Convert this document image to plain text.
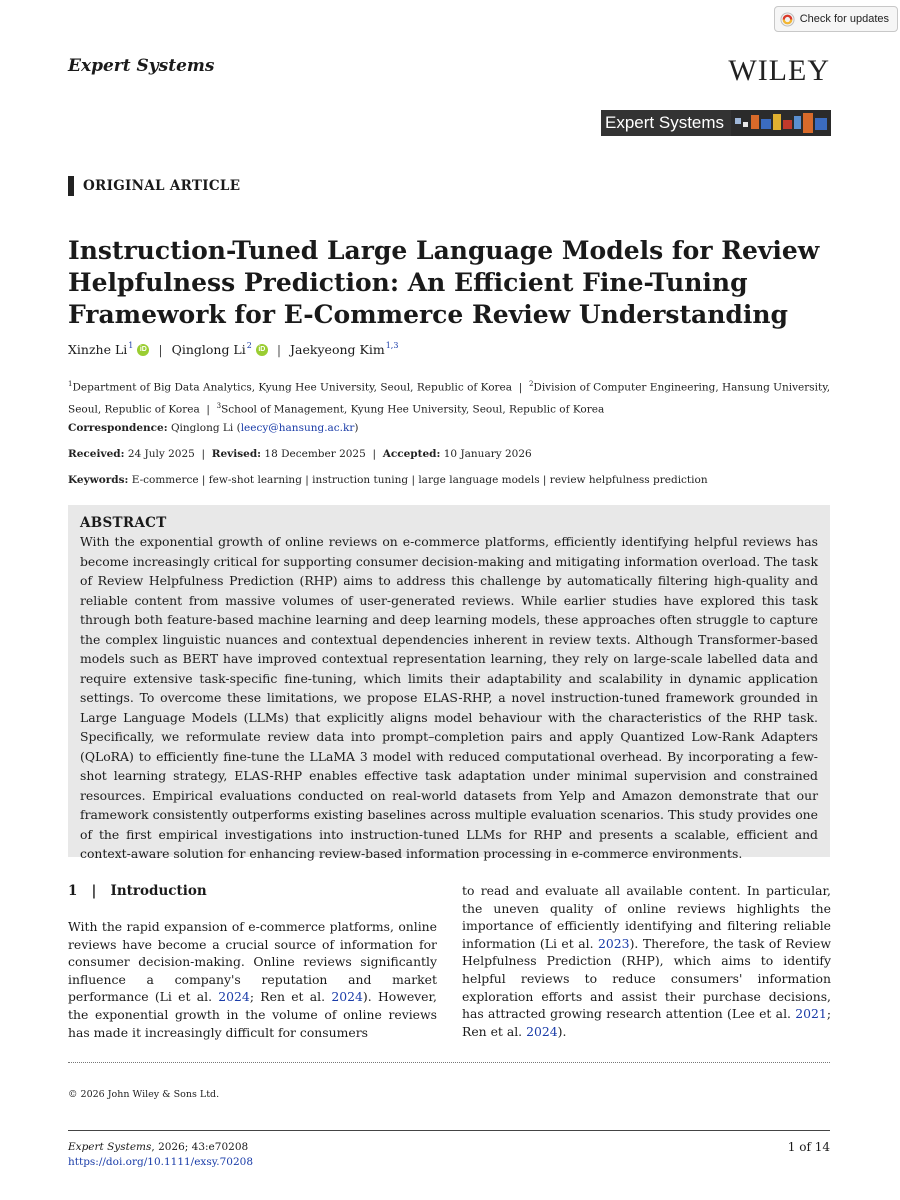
Check for updates
Expert Systems	WILEY
Expert Systems
ORIGINAL ARTICLE
Instruction-Tuned Large Language Models for Review Helpfulness Prediction: An Efficient Fine-Tuning Framework for E-Commerce Review Understanding
Xinzhe Li$^1$ iD | Qinglong Li$^2$ iD | Jaekyeong Kim$^{1,3}$
$^1$Department of Big Data Analytics, Kyung Hee University, Seoul, Republic of Korea  |  $^2$Division of Computer Engineering, Hansung University, Seoul, Republic of Korea  |  $^3$School of Management, Kyung Hee University, Seoul, Republic of Korea
Correspondence: Qinglong Li (leecy@hansung.ac.kr)
Received: 24 July 2025  |  Revised: 18 December 2025  |  Accepted: 10 January 2026
Keywords: E-commerce | few-shot learning | instruction tuning | large language models | review helpfulness prediction
ABSTRACT

With the exponential growth of online reviews on e-commerce platforms, efficiently identifying helpful reviews has become increasingly critical for supporting consumer decision-making and mitigating information overload. The task of Review Helpfulness Prediction (RHP) aims to address this challenge by automatically filtering high-quality and reliable content from massive volumes of user-generated reviews. While earlier studies have explored this task through both feature-based machine learning and deep learning models, these approaches often struggle to capture the complex linguistic nuances and contextual dependencies inherent in review texts. Although Transformer-based models such as BERT have improved contextual representation learning, they rely on large-scale labelled data and require extensive task-specific fine-tuning, which limits their adaptability and scalability in dynamic application settings. To overcome these limitations, we propose ELAS-RHP, a novel instruction-tuned framework grounded in Large Language Models (LLMs) that explicitly aligns model behaviour with the characteristics of the RHP task. Specifically, we reformulate review data into prompt–completion pairs and apply Quantized Low-Rank Adapters (QLoRA) to efficiently fine-tune the LLaMA 3 model with reduced computational overhead. By incorporating a few-shot learning strategy, ELAS-RHP enables effective task adaptation under minimal supervision and constrained resources. Empirical evaluations conducted on real-world datasets from Yelp and Amazon demonstrate that our framework consistently outperforms existing baselines across multiple evaluation scenarios. This study provides one of the first empirical investigations into instruction-tuned LLMs for RHP and presents a scalable, efficient and context-aware solution for enhancing review-based information processing in e-commerce environments.

1 | Introduction

With the rapid expansion of e-commerce platforms, online reviews have become a crucial source of information for consumer decision-making. Online reviews significantly influence a company's reputation and market performance (Li et al. 2024; Ren et al. 2024). However, the exponential growth in the volume of online reviews has made it increasingly difficult for consumers

to read and evaluate all available content. In particular, the uneven quality of online reviews highlights the importance of efficiently identifying and filtering reliable information (Li et al. 2023). Therefore, the task of Review Helpfulness Prediction (RHP), which aims to identify helpful reviews to reduce consumers' information exploration efforts and assist their purchase decisions, has attracted growing research attention (Lee et al. 2021; Ren et al. 2024).

© 2026 John Wiley & Sons Ltd.
Expert Systems, 2026; 43:e70208
https://doi.org/10.1111/exsy.70208
1 of 14
